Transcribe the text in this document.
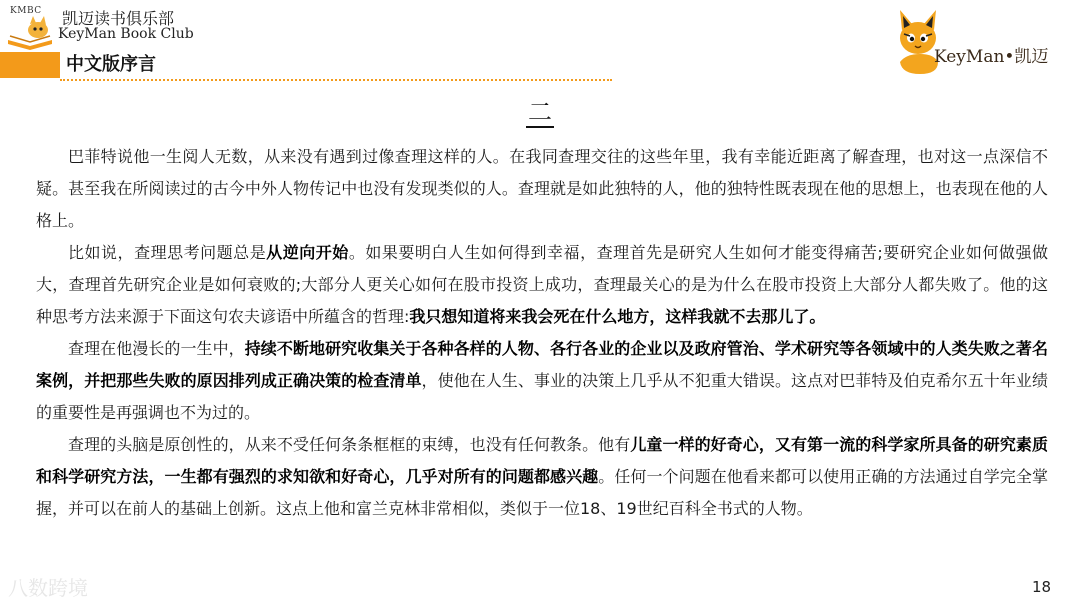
KMBC 凯迈读书俱乐部
KeyMan Book Club
中文版序言	KeyMan•凯迈
二

巴菲特说他一生阅人无数，从来没有遇到过像查理这样的人。在我同查理交往的这些年里，我有幸能近距离了解查理，也对这一点深信不疑。甚至我在所阅读过的古今中外人物传记中也没有发现类似的人。查理就是如此独特的人，他的独特性既表现在他的思想上，也表现在他的人格上。

比如说，查理思考问题总是从逆向开始。如果要明白人生如何得到幸福，查理首先是研究人生如何才能变得痛苦;要研究企业如何做强做大，查理首先研究企业是如何衰败的;大部分人更关心如何在股市投资上成功，查理最关心的是为什么在股市投资上大部分人都失败了。他的这种思考方法来源于下面这句农夫谚语中所蕴含的哲理:我只想知道将来我会死在什么地方，这样我就不去那儿了。

查理在他漫长的一生中，持续不断地研究收集关于各种各样的人物、各行各业的企业以及政府管治、学术研究等各领域中的人类失败之著名案例，并把那些失败的原因排列成正确决策的检查清单，使他在人生、事业的决策上几乎从不犯重大错误。这点对巴菲特及伯克希尔五十年业绩的重要性是再强调也不为过的。

查理的头脑是原创性的，从来不受任何条条框框的束缚，也没有任何教条。他有儿童一样的好奇心，又有第一流的科学家所具备的研究素质和科学研究方法，一生都有强烈的求知欲和好奇心，几乎对所有的问题都感兴趣。任何一个问题在他看来都可以使用正确的方法通过自学完全掌握，并可以在前人的基础上创新。这点上他和富兰克林非常相似，类似于一位18、19世纪百科全书式的人物。

八数跨境	18
